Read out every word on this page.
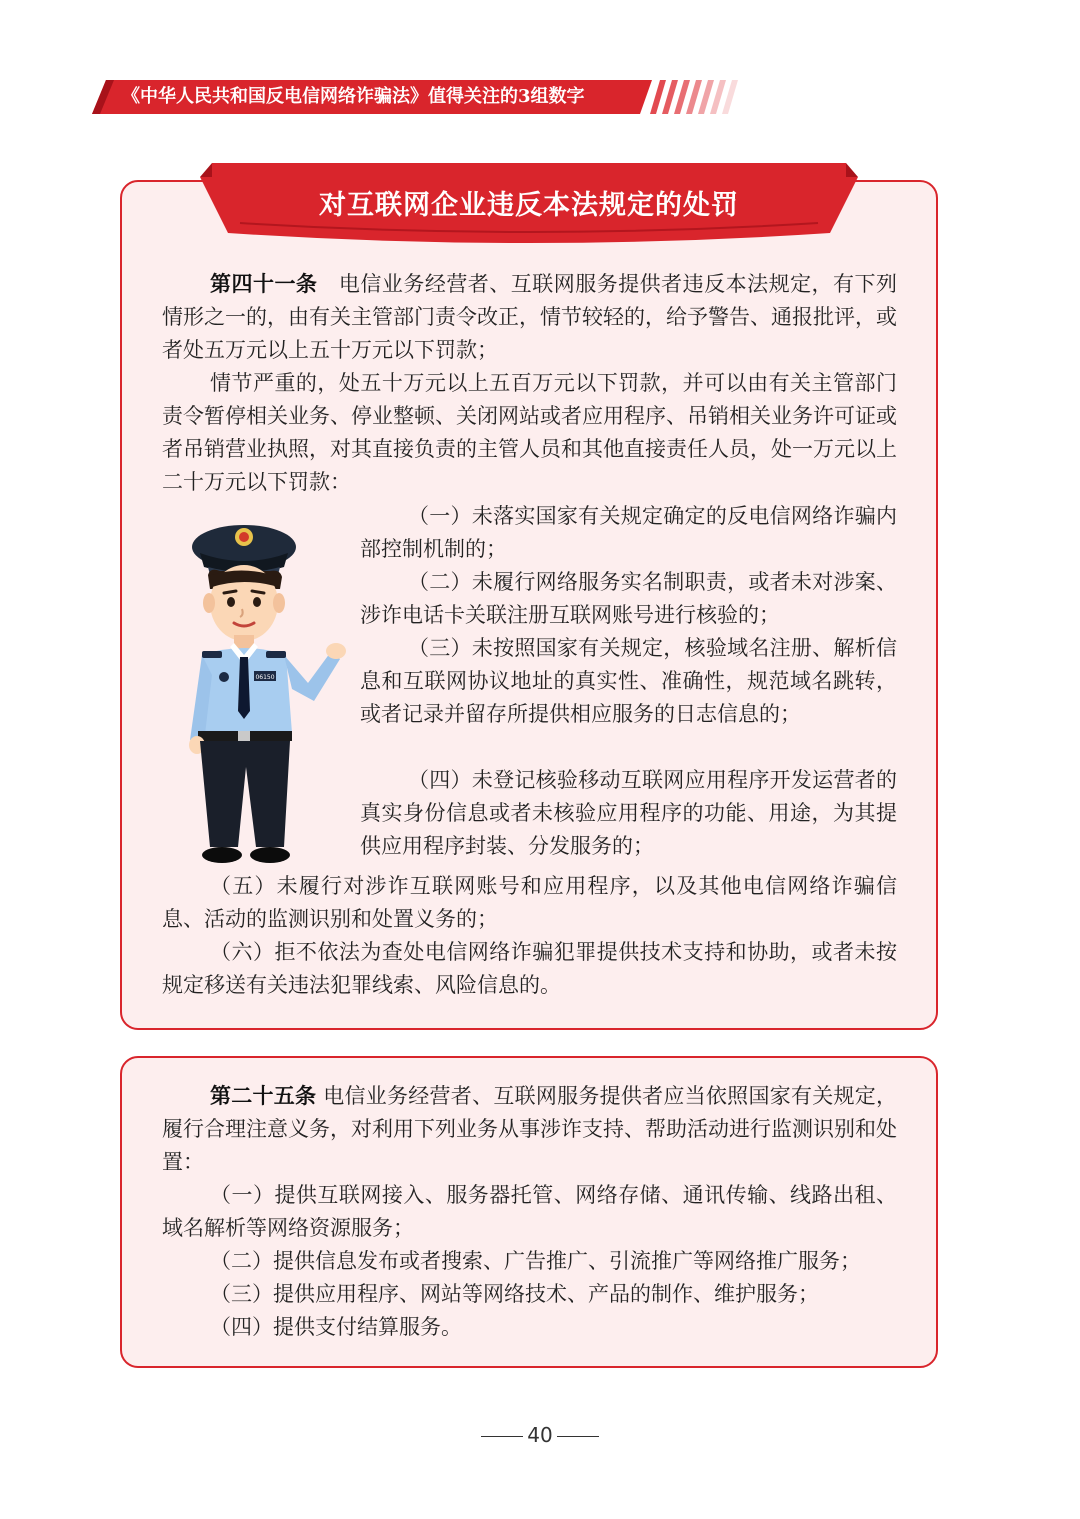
《中华人民共和国反电信网络诈骗法》值得关注的3组数字
对互联网企业违反本法规定的处罚

第四十一条 电信业务经营者、互联网服务提供者违反本法规定，有下列情形之一的，由有关主管部门责令改正，情节较轻的，给予警告、通报批评，或者处五万元以上五十万元以下罚款；

情节严重的，处五十万元以上五百万元以下罚款，并可以由有关主管部门责令暂停相关业务、停业整顿、关闭网站或者应用程序、吊销相关业务许可证或者吊销营业执照，对其直接负责的主管人员和其他直接责任人员，处一万元以上二十万元以下罚款：

（一）未落实国家有关规定确定的反电信网络诈骗内部控制机制的；

（二）未履行网络服务实名制职责，或者未对涉案、涉诈电话卡关联注册互联网账号进行核验的；

（三）未按照国家有关规定，核验域名注册、解析信息和互联网协议地址的真实性、准确性，规范域名跳转，或者记录并留存所提供相应服务的日志信息的；

（四）未登记核验移动互联网应用程序开发运营者的真实身份信息或者未核验应用程序的功能、用途，为其提供应用程序封装、分发服务的；

（五）未履行对涉诈互联网账号和应用程序，以及其他电信网络诈骗信息、活动的监测识别和处置义务的；

（六）拒不依法为查处电信网络诈骗犯罪提供技术支持和协助，或者未按规定移送有关违法犯罪线索、风险信息的。

06150

第二十五条 电信业务经营者、互联网服务提供者应当依照国家有关规定，履行合理注意义务，对利用下列业务从事涉诈支持、帮助活动进行监测识别和处置：

（一）提供互联网接入、服务器托管、网络存储、通讯传输、线路出租、域名解析等网络资源服务；

（二）提供信息发布或者搜索、广告推广、引流推广等网络推广服务；

（三）提供应用程序、网站等网络技术、产品的制作、维护服务；

（四）提供支付结算服务。

40
